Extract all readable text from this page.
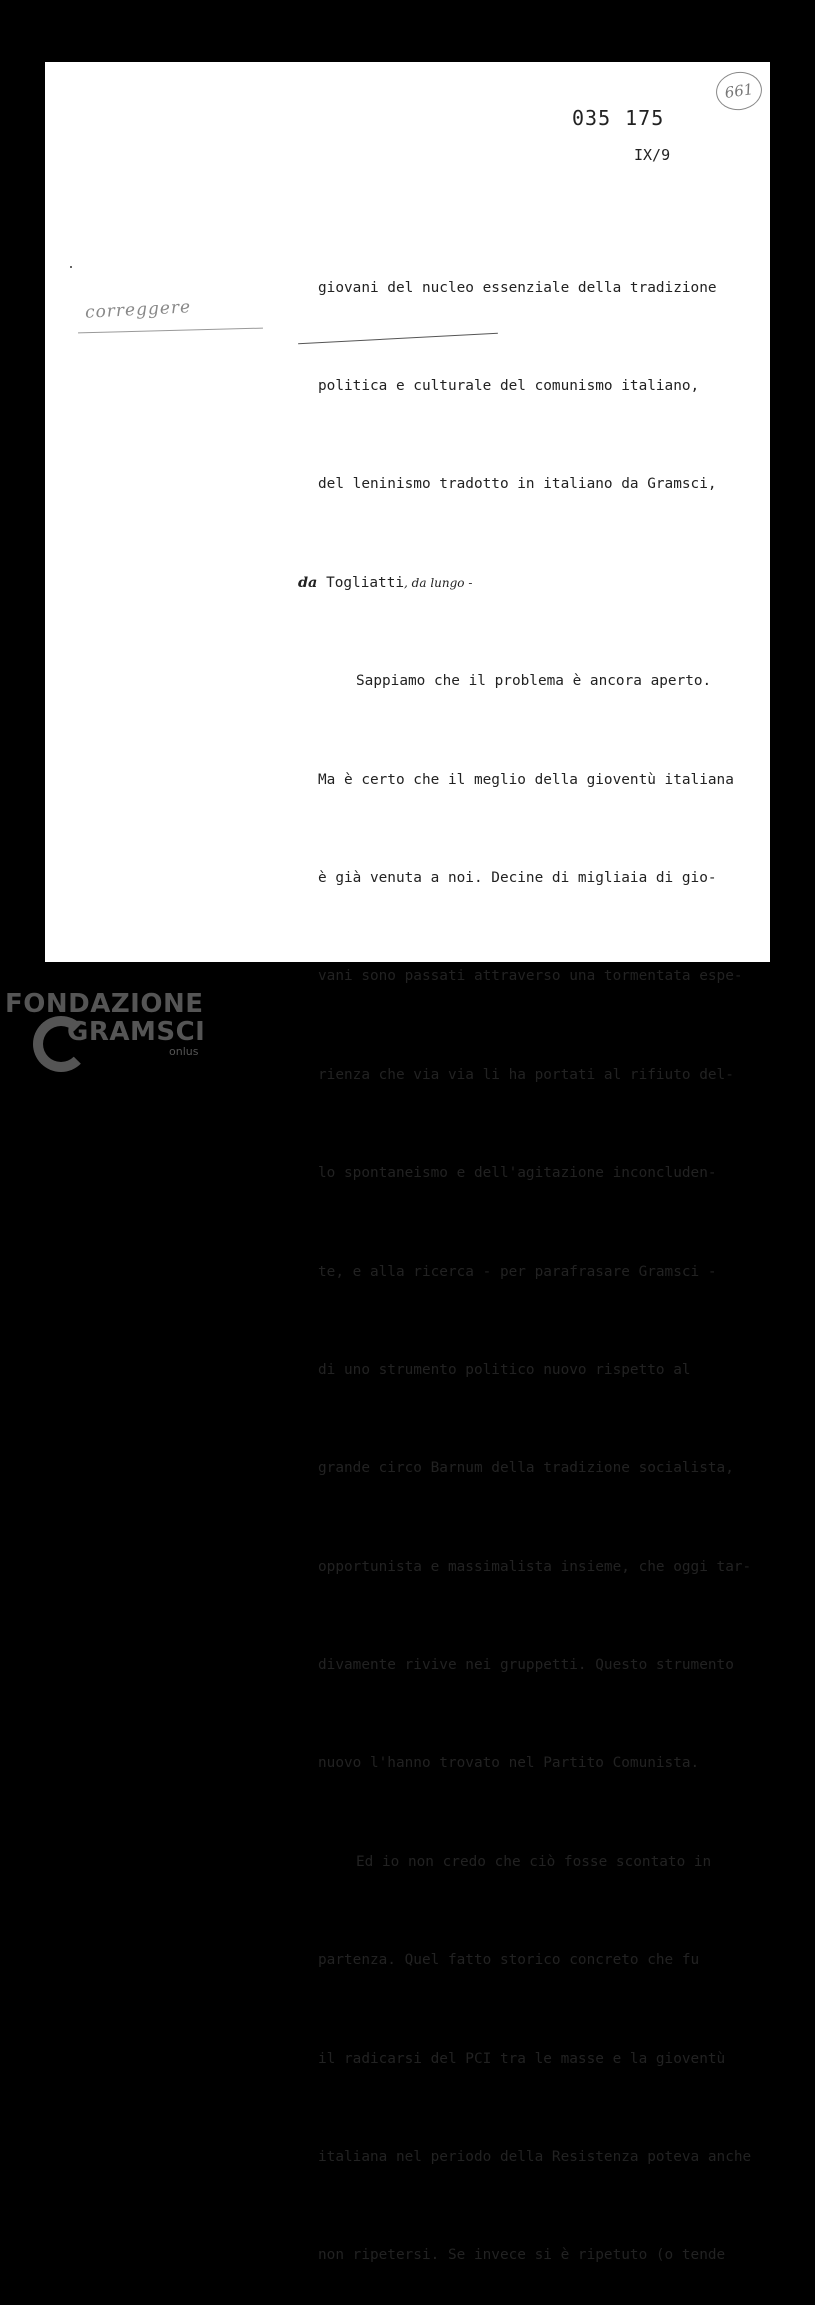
661
035 175
IX/9
correggere

giovani del nucleo essenziale della tradizione

politica e culturale del comunismo italiano,

del leninismo tradotto in italiano da Gramsci,

da Togliatti, da lungo -

Sappiamo che il problema è ancora aperto.

Ma è certo che il meglio della gioventù italiana

è già venuta a noi. Decine di migliaia di gio-

vani sono passati attraverso una tormentata espe-

rienza che via via li ha portati al rifiuto del-

lo spontaneismo e dell'agitazione inconcluden-

te, e alla ricerca - per parafrasare Gramsci -

di uno strumento politico nuovo rispetto al

grande circo Barnum della tradizione socialista,

opportunista e massimalista insieme, che oggi tar-

divamente rivive nei gruppetti. Questo strumento

nuovo l'hanno trovato nel Partito Comunista.

Ed io non credo che ciò fosse scontato in

partenza. Quel fatto storico concreto che fu

il radicarsi del PCI tra le masse e la gioventù

italiana nel periodo della Resistenza poteva anche

non ripetersi. Se invece si è ripetuto (o tende

FONDAZIONE
GRAMSCI
onlus
